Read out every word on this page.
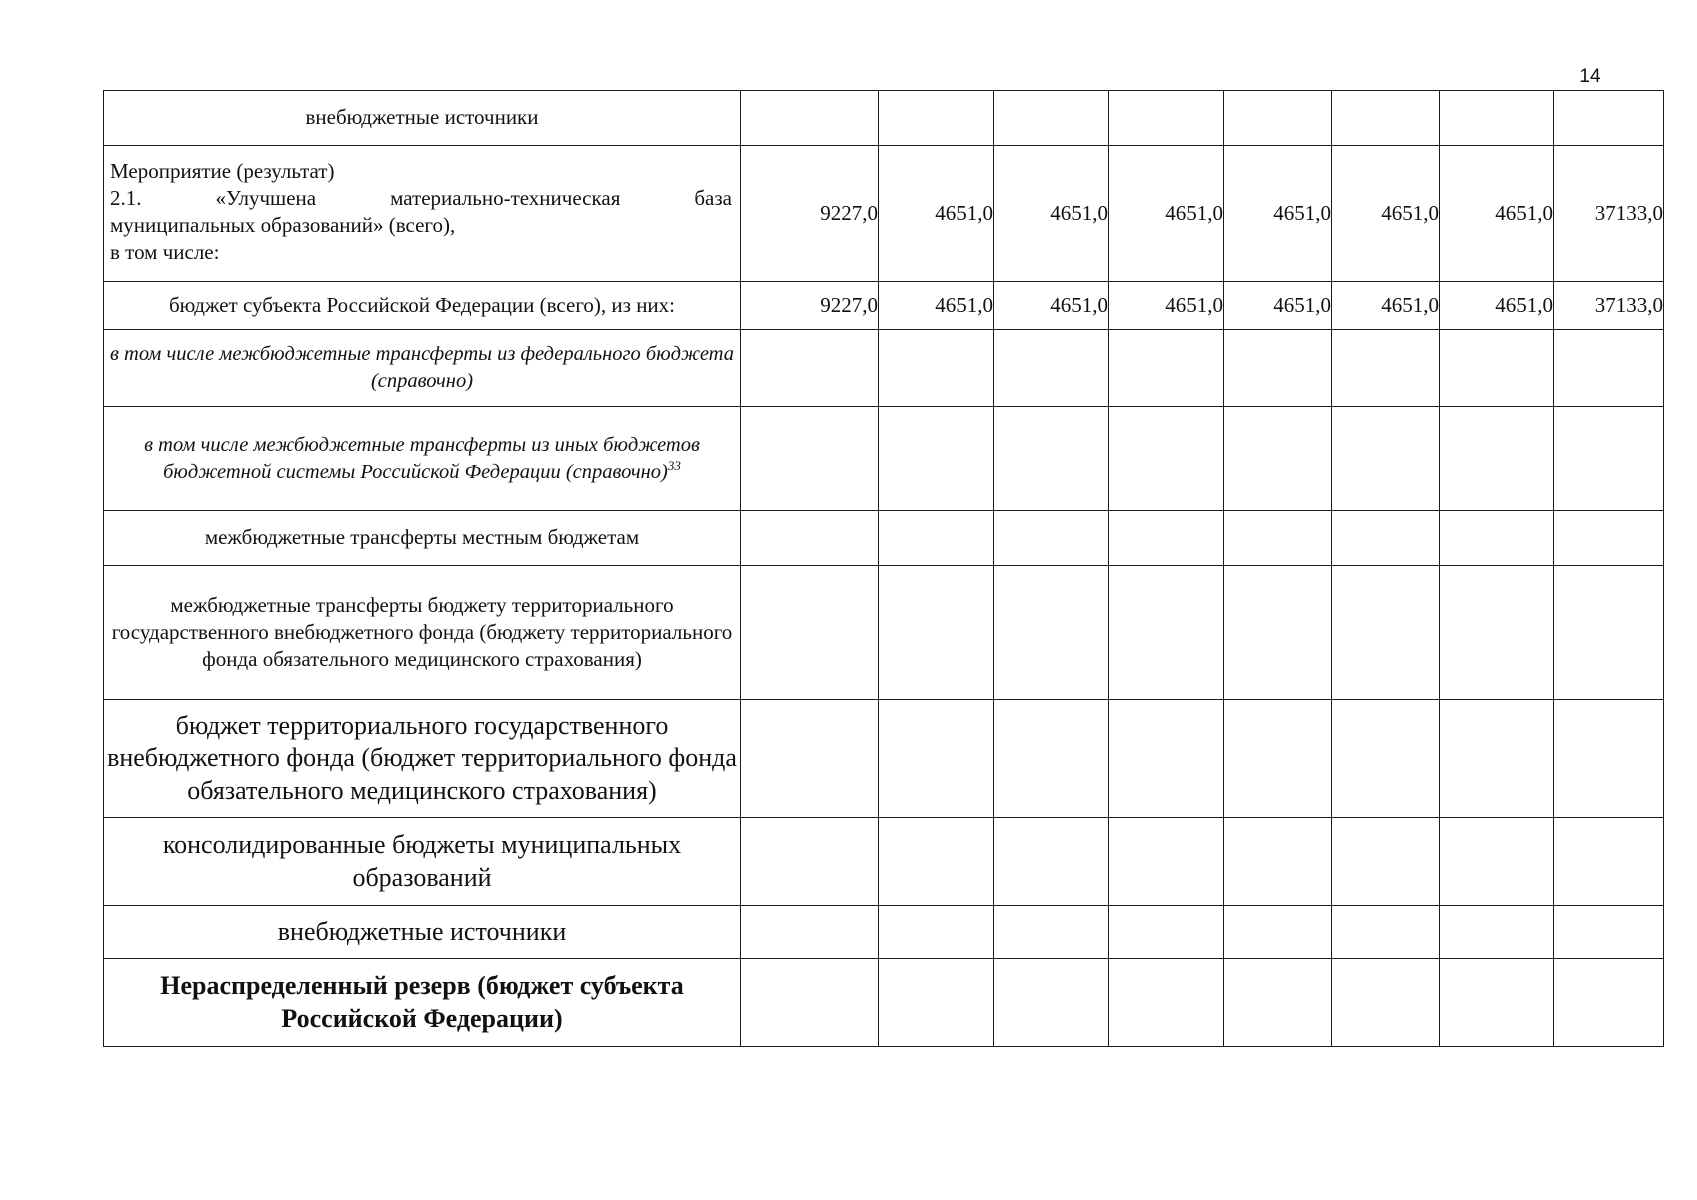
14
внебюджетные источники								

Мероприятие (результат)
2.1. «Улучшена материально-техническая база
муниципальных образований» (всего),
в том числе:	9227,0	4651,0	4651,0	4651,0	4651,0	4651,0	4651,0	37133,0
бюджет субъекта Российской Федерации (всего), из них:	9227,0	4651,0	4651,0	4651,0	4651,0	4651,0	4651,0	37133,0
в том числе межбюджетные трансферты из федерального бюджета (справочно)								
в том числе межбюджетные трансферты из иных бюджетов бюджетной системы Российской Федерации (справочно)$^{33}$								
межбюджетные трансферты местным бюджетам								
межбюджетные трансферты бюджету территориального государственного внебюджетного фонда (бюджету территориального фонда обязательного медицинского страхования)								
бюджет территориального государственного внебюджетного фонда (бюджет территориального фонда обязательного медицинского страхования)								
консолидированные бюджеты муниципальных образований								
внебюджетные источники								
Нераспределенный резерв (бюджет субъекта Российской Федерации)								
